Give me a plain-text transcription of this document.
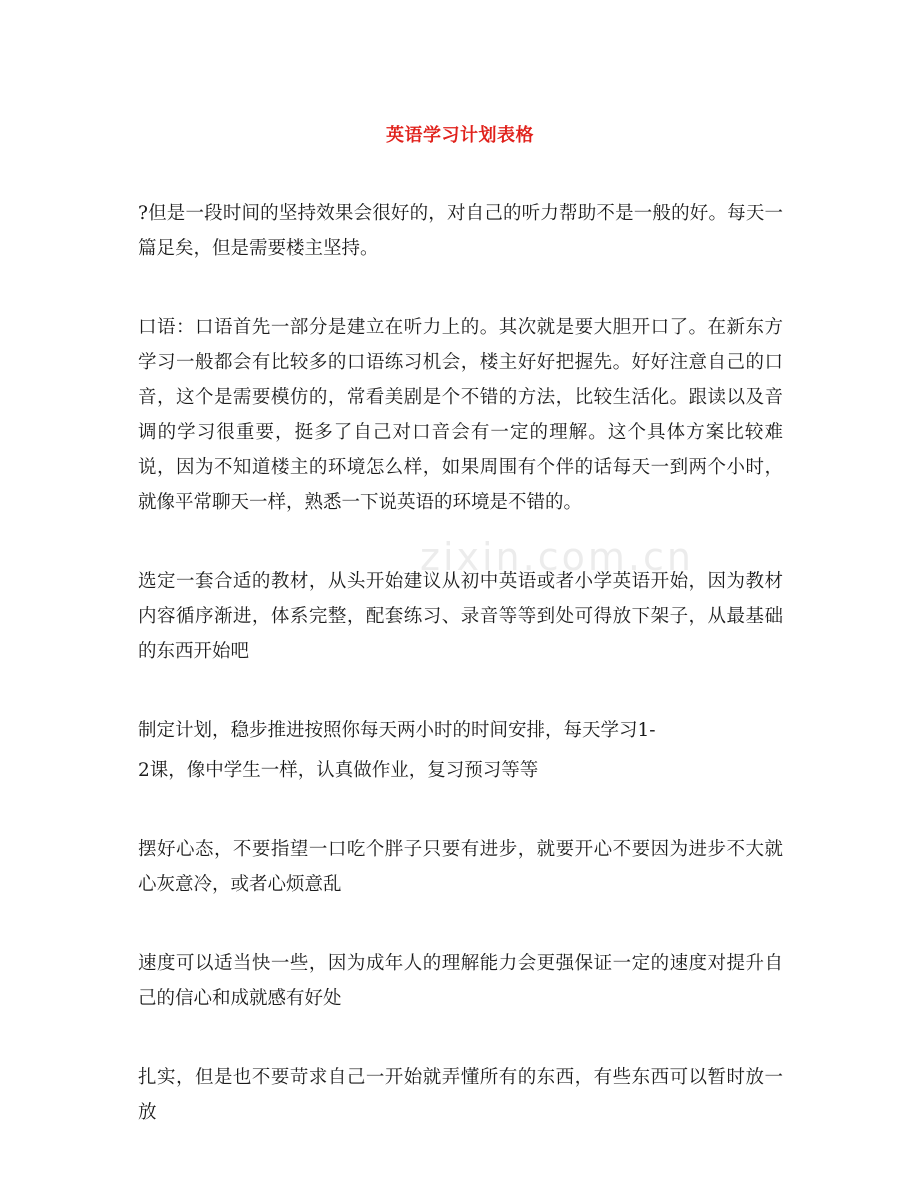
英语学习计划表格
zixin.com.cn

?但是一段时间的坚持效果会很好的，对自己的听力帮助不是一般的好。每天一篇足矣，但是需要楼主坚持。

口语：口语首先一部分是建立在听力上的。其次就是要大胆开口了。在新东方学习一般都会有比较多的口语练习机会，楼主好好把握先。好好注意自己的口音，这个是需要模仿的，常看美剧是个不错的方法，比较生活化。跟读以及音调的学习很重要，挺多了自己对口音会有一定的理解。这个具体方案比较难说，因为不知道楼主的环境怎么样，如果周围有个伴的话每天一到两个小时，就像平常聊天一样，熟悉一下说英语的环境是不错的。

选定一套合适的教材，从头开始建议从初中英语或者小学英语开始，因为教材内容循序渐进，体系完整，配套练习、录音等等到处可得放下架子，从最基础的东西开始吧

制定计划，稳步推进按照你每天两小时的时间安排，每天学习1-

2课，像中学生一样，认真做作业，复习预习等等

摆好心态，不要指望一口吃个胖子只要有进步，就要开心不要因为进步不大就心灰意冷，或者心烦意乱

速度可以适当快一些，因为成年人的理解能力会更强保证一定的速度对提升自己的信心和成就感有好处

扎实，但是也不要苛求自己一开始就弄懂所有的东西，有些东西可以暂时放一放
